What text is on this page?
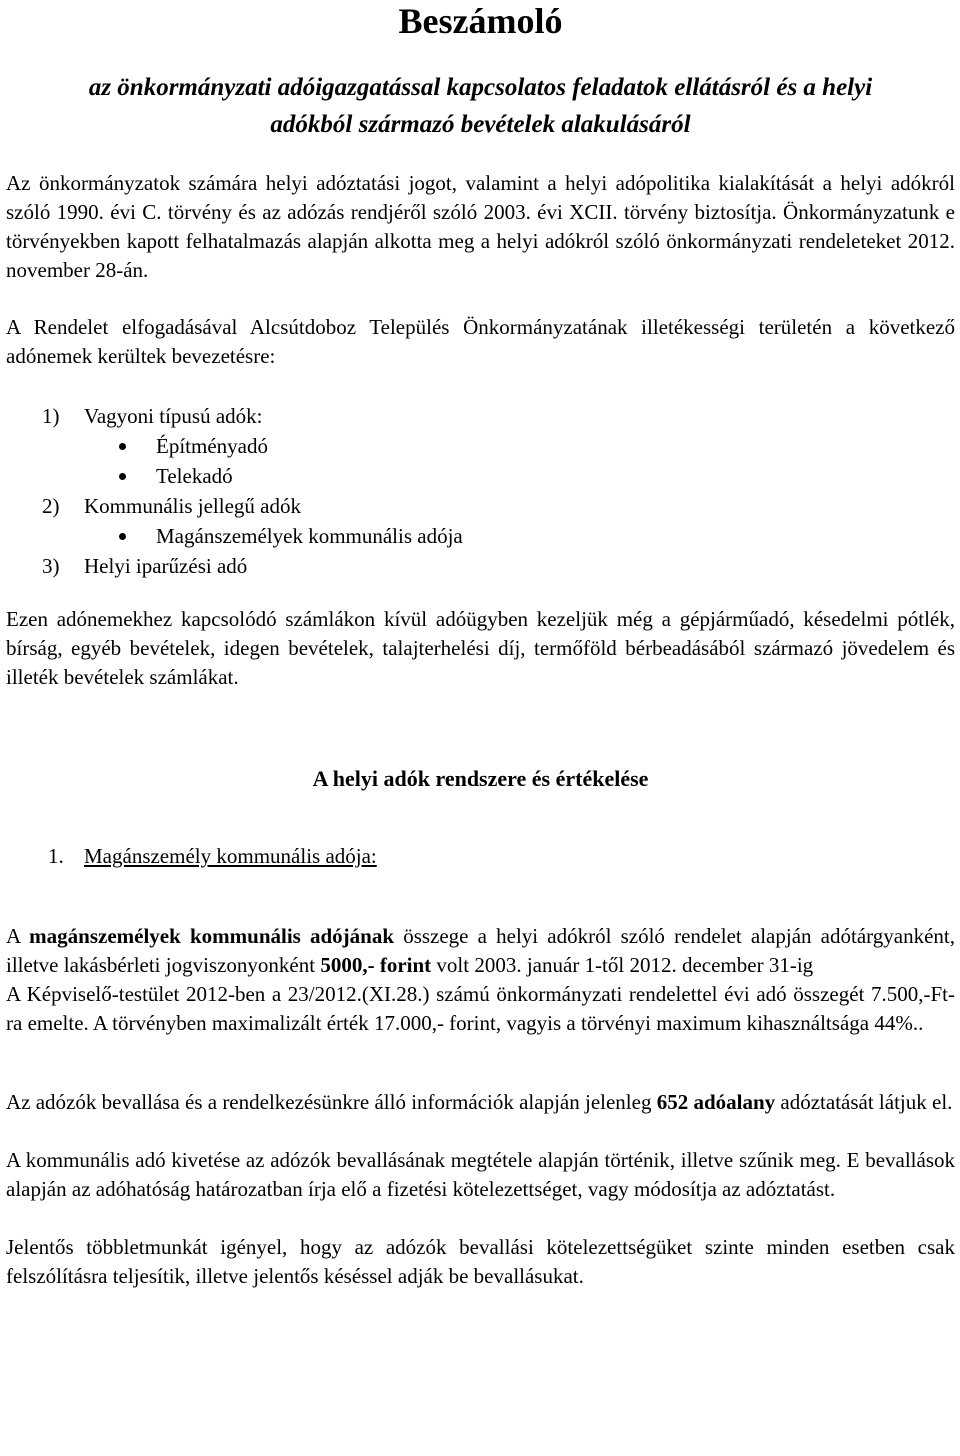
Beszámoló
az önkormányzati adóigazgatással kapcsolatos feladatok ellátásról és a helyi
adókból származó bevételek alakulásáról

Az önkormányzatok számára helyi adóztatási jogot, valamint a helyi adópolitika kialakítását a helyi adókról szóló 1990. évi C. törvény és az adózás rendjéről szóló 2003. évi XCII. törvény biztosítja. Önkormányzatunk e törvényekben kapott felhatalmazás alapján alkotta meg a helyi adókról szóló önkormányzati rendeleteket 2012. november 28-án.

A Rendelet elfogadásával Alcsútdoboz Település Önkormányzatának illetékességi területén a következő adónemek kerültek bevezetésre:

1)	Vagyoni típusú adók:
Építményadó
Telekadó
2)	Kommunális jellegű adók
Magánszemélyek kommunális adója
3)	Helyi iparűzési adó

Ezen adónemekhez kapcsolódó számlákon kívül adóügyben kezeljük még a gépjárműadó, késedelmi pótlék, bírság, egyéb bevételek, idegen bevételek, talajterhelési díj, termőföld bérbeadásából származó jövedelem és illeték bevételek számlákat.

A helyi adók rendszere és értékelése
1. Magánszemély kommunális adója:

A magánszemélyek kommunális adójának összege a helyi adókról szóló rendelet alapján adótárgyanként, illetve lakásbérleti jogviszonyonként 5000,- forint volt 2003. január 1-től 2012. december 31-ig

A Képviselő-testület 2012-ben a 23/2012.(XI.28.) számú önkormányzati rendelettel évi adó összegét 7.500,-Ft-ra emelte. A törvényben maximalizált érték 17.000,- forint, vagyis a törvényi maximum kihasználtsága 44%..

Az adózók bevallása és a rendelkezésünkre álló információk alapján jelenleg 652 adóalany adóztatását látjuk el.

A kommunális adó kivetése az adózók bevallásának megtétele alapján történik, illetve szűnik meg. E bevallások alapján az adóhatóság határozatban írja elő a fizetési kötelezettséget, vagy módosítja az adóztatást.

Jelentős többletmunkát igényel, hogy az adózók bevallási kötelezettségüket szinte minden esetben csak felszólításra teljesítik, illetve jelentős késéssel adják be bevallásukat.
